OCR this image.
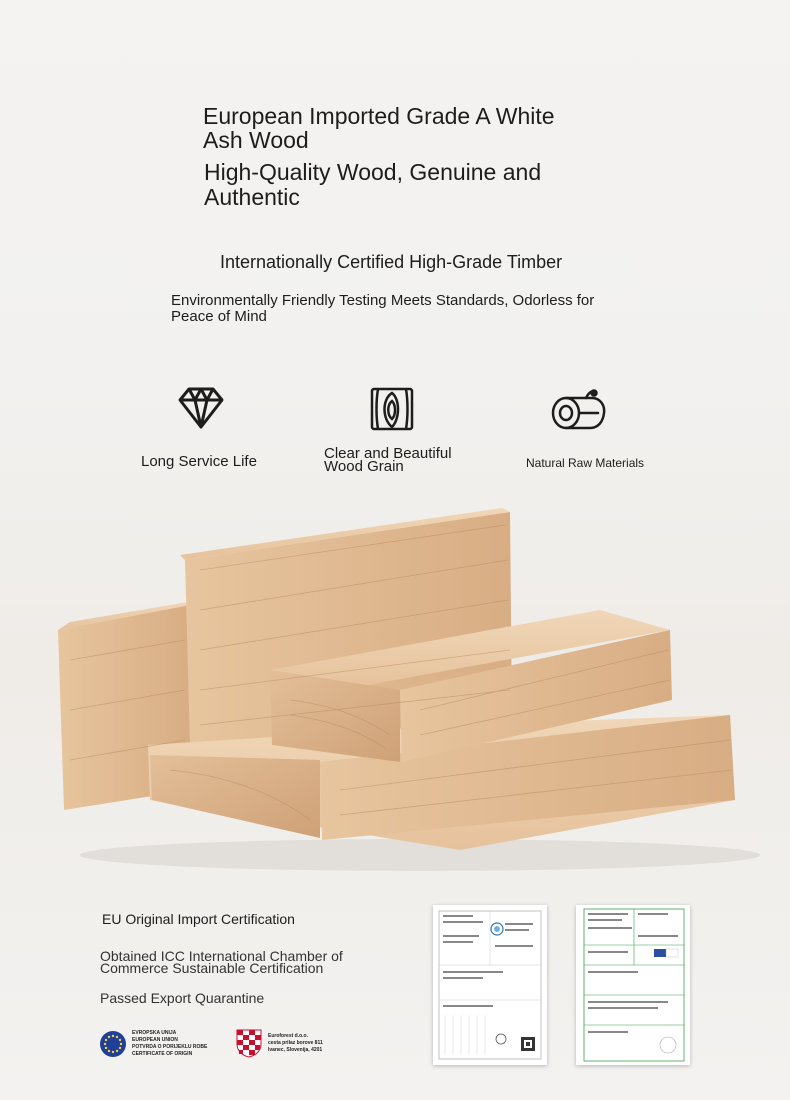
European Imported Grade A White Ash Wood
High-Quality Wood, Genuine and Authentic
Internationally Certified High-Grade Timber
Environmentally Friendly Testing Meets Standards, Odorless for Peace of Mind
Long Service Life	Clear and Beautiful Wood Grain	Natural Raw Materials
EU Original Import Certification
Obtained ICC International Chamber of Commerce Sustainable Certification
Passed Export Quarantine
EVROPSKA UNIJA
EUROPEAN UNION
POTVRDA O PORIJEKLU ROBE
CERTIFICATE OF ORIGIN
Euroforest d.o.o.
cesta prilaz borove 811
Ivanec, Slovenija, 4201
